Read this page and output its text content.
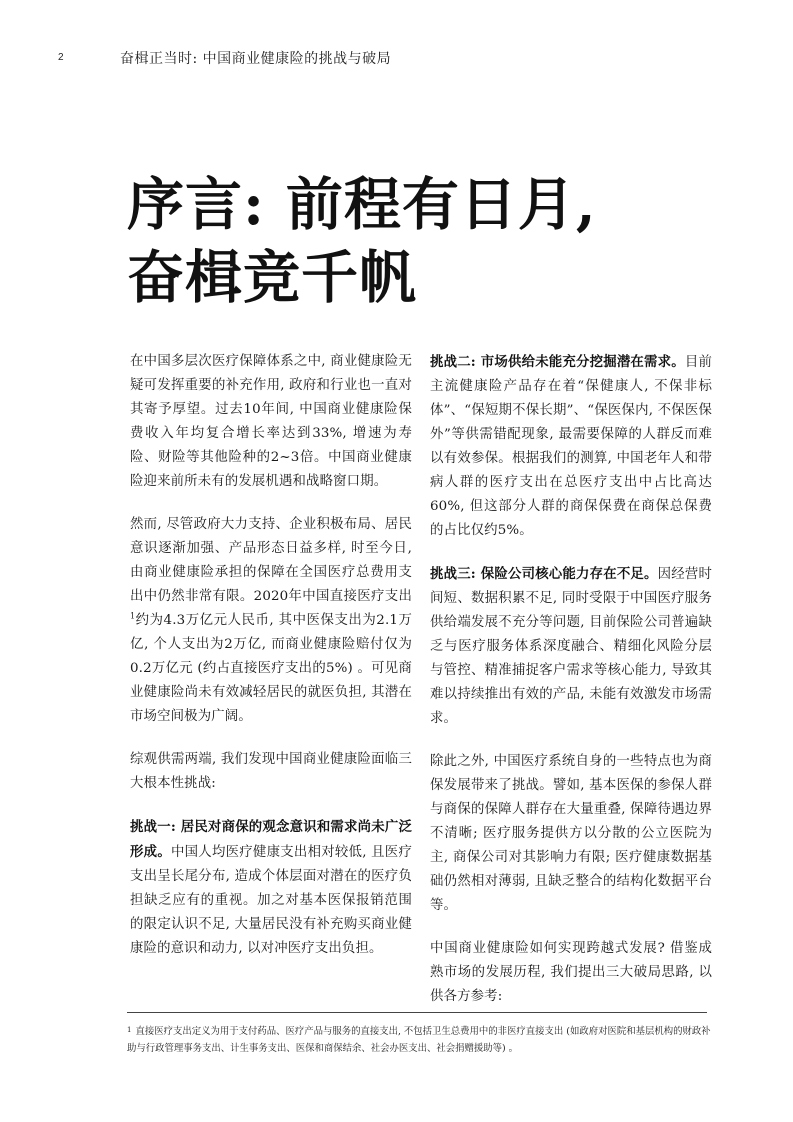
2	奋楫正当时: 中国商业健康险的挑战与破局
序言: 前程有日月,
奋楫竞千帆

在中国多层次医疗保障体系之中, 商业健康险无疑可发挥重要的补充作用, 政府和行业也一直对其寄予厚望。过去10年间, 中国商业健康险保费收入年均复合增长率达到33%, 增速为寿险、财险等其他险种的2~3倍。中国商业健康险迎来前所未有的发展机遇和战略窗口期。

然而, 尽管政府大力支持、企业积极布局、居民意识逐渐加强、产品形态日益多样, 时至今日, 由商业健康险承担的保障在全国医疗总费用支出中仍然非常有限。2020年中国直接医疗支出$^1$约为4.3万亿元人民币, 其中医保支出为2.1万亿, 个人支出为2万亿, 而商业健康险赔付仅为0.2万亿元 (约占直接医疗支出的5%) 。可见商业健康险尚未有效减轻居民的就医负担, 其潜在市场空间极为广阔。

综观供需两端, 我们发现中国商业健康险面临三大根本性挑战:

挑战一: 居民对商保的观念意识和需求尚未广泛形成。中国人均医疗健康支出相对较低, 且医疗支出呈长尾分布, 造成个体层面对潜在的医疗负担缺乏应有的重视。加之对基本医保报销范围的限定认识不足, 大量居民没有补充购买商业健康险的意识和动力, 以对冲医疗支出负担。

挑战二: 市场供给未能充分挖掘潜在需求。目前主流健康险产品存在着“保健康人, 不保非标体”、“保短期不保长期”、“保医保内, 不保医保外”等供需错配现象, 最需要保障的人群反而难以有效参保。根据我们的测算, 中国老年人和带病人群的医疗支出在总医疗支出中占比高达60%, 但这部分人群的商保保费在商保总保费的占比仅约5%。

挑战三: 保险公司核心能力存在不足。因经营时间短、数据积累不足, 同时受限于中国医疗服务供给端发展不充分等问题, 目前保险公司普遍缺乏与医疗服务体系深度融合、精细化风险分层与管控、精准捕捉客户需求等核心能力, 导致其难以持续推出有效的产品, 未能有效激发市场需求。

除此之外, 中国医疗系统自身的一些特点也为商保发展带来了挑战。譬如, 基本医保的参保人群与商保的保障人群存在大量重叠, 保障待遇边界不清晰; 医疗服务提供方以分散的公立医院为主, 商保公司对其影响力有限; 医疗健康数据基础仍然相对薄弱, 且缺乏整合的结构化数据平台等。

中国商业健康险如何实现跨越式发展? 借鉴成熟市场的发展历程, 我们提出三大破局思路, 以供各方参考:

$^1$ 直接医疗支出定义为用于支付药品、医疗产品与服务的直接支出, 不包括卫生总费用中的非医疗直接支出 (如政府对医院和基层机构的财政补助与行政管理事务支出、计生事务支出、医保和商保结余、社会办医支出、社会捐赠援助等) 。
